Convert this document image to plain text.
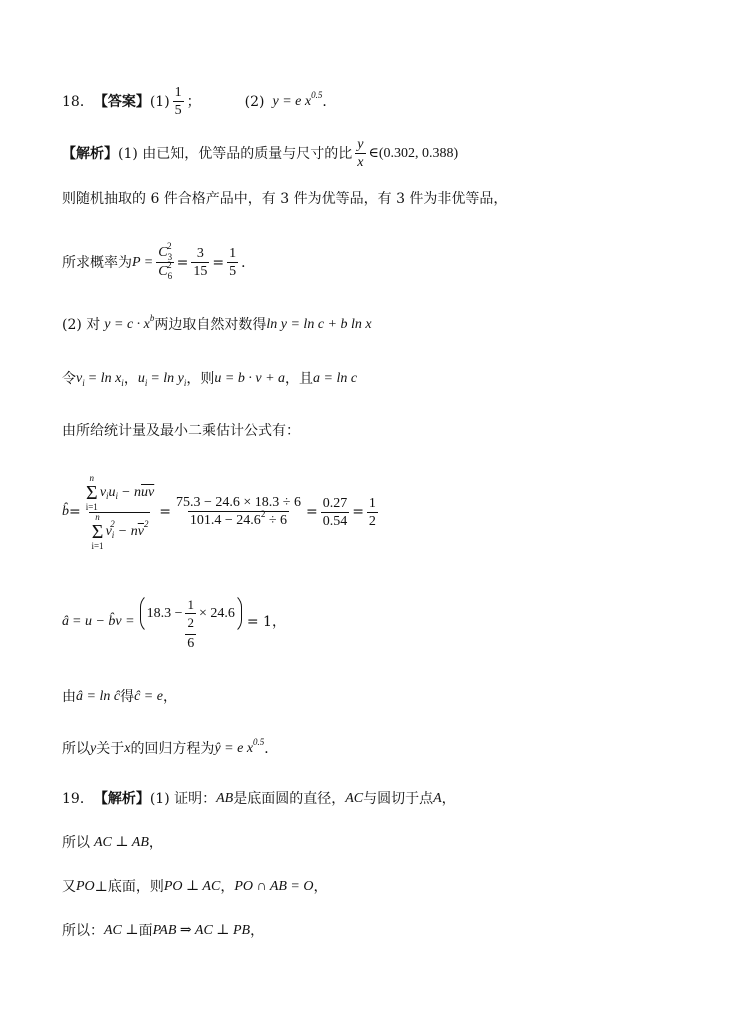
18． 【答案】 $(1) \frac{1}{5}$ ；	(2) y = e x 0.5 ．
【解析】 (1) 由已知，优等品的质量与尺寸的比 $\frac{y}{x}$ ∈(0.302, 0.388)
则随机抽取的 6 件合格产品中，有 3 件为优等品，有 3 件为非优等品，
所求概率为 $P = \frac{C_3^2}{C_6^2} = \frac{3}{15} = \frac{1}{5}$ ．
(2) 对 y = c · x b 两边取自然对数得 ln y = ln c + b ln x
令 v i = ln x i ， u i = ln y i ，则 u = b · v + a ，且 a = ln c
由所给统计量及最小二乘估计公式有：
b̂ = n
Σ
i=1
v i u i − n $\overline{uv}$
n
Σ
i=1
v i
2 − n $\overline{v}$ $2 = \frac{75.3 - 24.6 \times 18.3 \div 6}{101.4 - 24.6^2 \div 6} = \frac{0.27}{0.54} = \frac{1}{2}$
â = u − b̂v = $\frac{18.3 - \frac{1}{2} \times 24.6}{6} = 1$ ，
由 â = ln ĉ 得 ĉ = e ，
所以 y 关于 x 的回归方程为 ŷ = e x 0.5 ．
19． 【解析】 (1) 证明： AB 是底面圆的直径， AC 与圆切于点 A ，
所以 AC ⊥ AB ，
又 PO ⊥底面，则 PO ⊥ AC ， PO ∩ AB = O ，
所以： AC ⊥ 面 PAB ⇒ AC ⊥ PB ，
